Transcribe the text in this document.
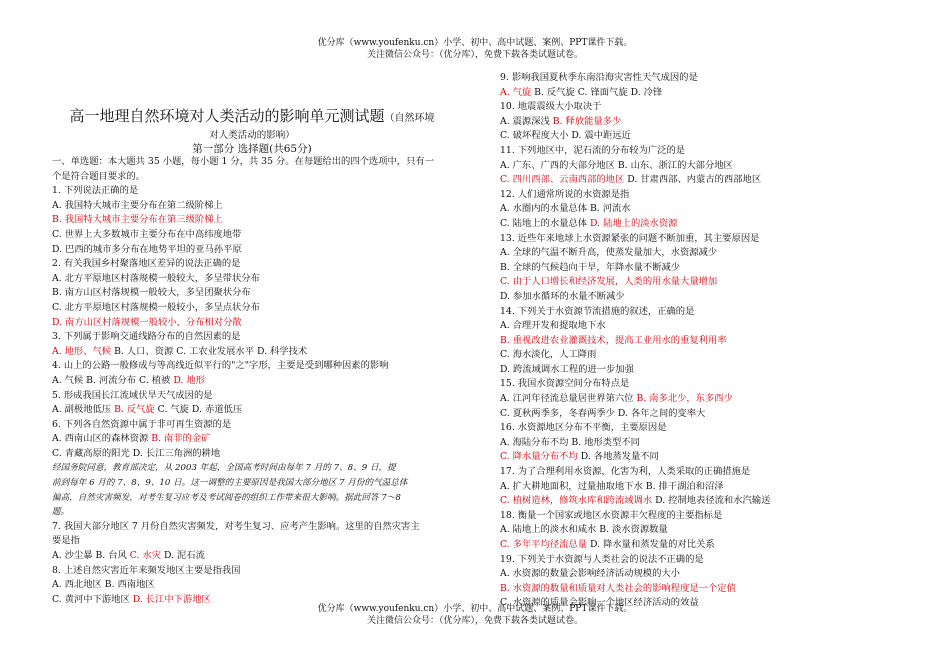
优分库（www.youfenku.cn）小学、初中、高中试题、案例、PPT课件下载。
关注微信公众号：（优分库），免费下载各类试题试卷。
高一地理自然环境对人类活动的影响单元测试题（自然环境
对人类活动的影响）
第一部分 选择题(共65分)
一、单选题：本大题共 35 小题，每小题 1 分，共 35 分。在每题给出的四个选项中，只有一
个是符合题目要求的。
1. 下列说法正确的是
A. 我国特大城市主要分布在第二级阶梯上
B. 我国特大城市主要分布在第三级阶梯上
C. 世界上大多数城市主要分布在中高纬度地带
D. 巴西的城市多分布在地势平坦的亚马孙平原
2. 有关我国乡村聚落地区差异的说法正确的是
A. 北方平原地区村落规模一般较大，多呈带状分布
B. 南方山区村落规模一般较大，多呈团聚状分布
C. 北方平原地区村落规模一般较小，多呈点状分布
D. 南方山区村落规模一般较小，分布相对分散
3. 下列属于影响交通线路分布的自然因素的是
A. 地形、气候 B. 人口、资源 C. 工农业发展水平 D. 科学技术
4. 山上的公路一般修成与等高线近似平行的"之"字形，主要是受到哪种因素的影响
A. 气候 B. 河流分布 C. 植被 D. 地形
5. 形成我国长江流域伏旱天气成因的是
A. 副极地低压 B. 反气旋 C. 气旋 D. 赤道低压
6. 下列各自然资源中属于非可再生资源的是
A. 西南山区的森林资源 B. 南非的金矿
C. 青藏高原的阳光 D. 长江三角洲的耕地
经国务院同意，教育部决定，从 2003 年起，全国高考时间由每年 7 月的 7、8、9 日，提
前到每年 6 月的 7、8、9、10 日。这一调整的主要原因是我国大部分地区 7 月份的气温总体
偏高，自然灾害频发，对考生复习应考及考试阅卷的组织工作带来很大影响。据此回答 7～8
题。
7. 我国大部分地区 7 月份自然灾害频发，对考生复习、应考产生影响。这里的自然灾害主
要是指
A. 沙尘暴 B. 台风 C. 水灾 D. 泥石流
8. 上述自然灾害近年来频发地区主要是指我国
A. 西北地区 B. 西南地区
C. 黄河中下游地区 D. 长江中下游地区
9. 影响我国夏秋季东南沿海灾害性天气成因的是
A. 气旋 B. 反气旋 C. 锋面气旋 D. 冷锋
10. 地震震级大小取决于
A. 震源深浅 B. 释放能量多少
C. 破坏程度大小 D. 震中距远近
11. 下列地区中，泥石流的分布较为广泛的是
A. 广东、广西的大部分地区 B. 山东、浙江的大部分地区
C. 四川西部、云南西部的地区 D. 甘肃西部、内蒙古的西部地区
12. 人们通常所说的水资源是指
A. 水圈内的水量总体 B. 河流水
C. 陆地上的水量总体 D. 陆地上的淡水资源
13. 近些年来地球上水资源紧张的问题不断加重，其主要原因是
A. 全球的气温不断升高，使蒸发量加大，水资源减少
B. 全球的气候趋向干旱，年降水量不断减少
C. 由于人口增长和经济发展，人类的用水量大量增加
D. 参加水循环的水量不断减少
14. 下列关于水资源节流措施的叙述，正确的是
A. 合理开发和提取地下水
B. 重视改进农业灌溉技术，提高工业用水的重复利用率
C. 海水淡化，人工降雨
D. 跨流域调水工程的进一步加强
15. 我国水资源空间分布特点是
A. 江河年径流总量居世界第六位 B. 南多北少，东多西少
C. 夏秋两季多，冬春两季少 D. 各年之间的变率大
16. 水资源地区分布不平衡，主要原因是
A. 海陆分布不均 B. 地形类型不同
C. 降水量分布不均 D. 各地蒸发量不同
17. 为了合理利用水资源，化害为利，人类采取的正确措施是
A. 扩大耕地面积，过量抽取地下水 B. 排干湖泊和沼泽
C. 植树造林，修筑水库和跨流域调水 D. 控制地表径流和水汽输送
18. 衡量一个国家或地区水资源丰欠程度的主要指标是
A. 陆地上的淡水和咸水 B. 淡水资源数量
C. 多年平均径流总量 D. 降水量和蒸发量的对比关系
19. 下列关于水资源与人类社会的说法不正确的是
A. 水资源的数量会影响经济活动规模的大小
B. 水资源的数量和质量对人类社会的影响程度是一个定值
C. 水资源的质量会影响一个地区经济活动的效益
优分库（www.youfenku.cn）小学、初中、高中试题、案例、PPT课件下载。
关注微信公众号：（优分库），免费下载各类试题试卷。
